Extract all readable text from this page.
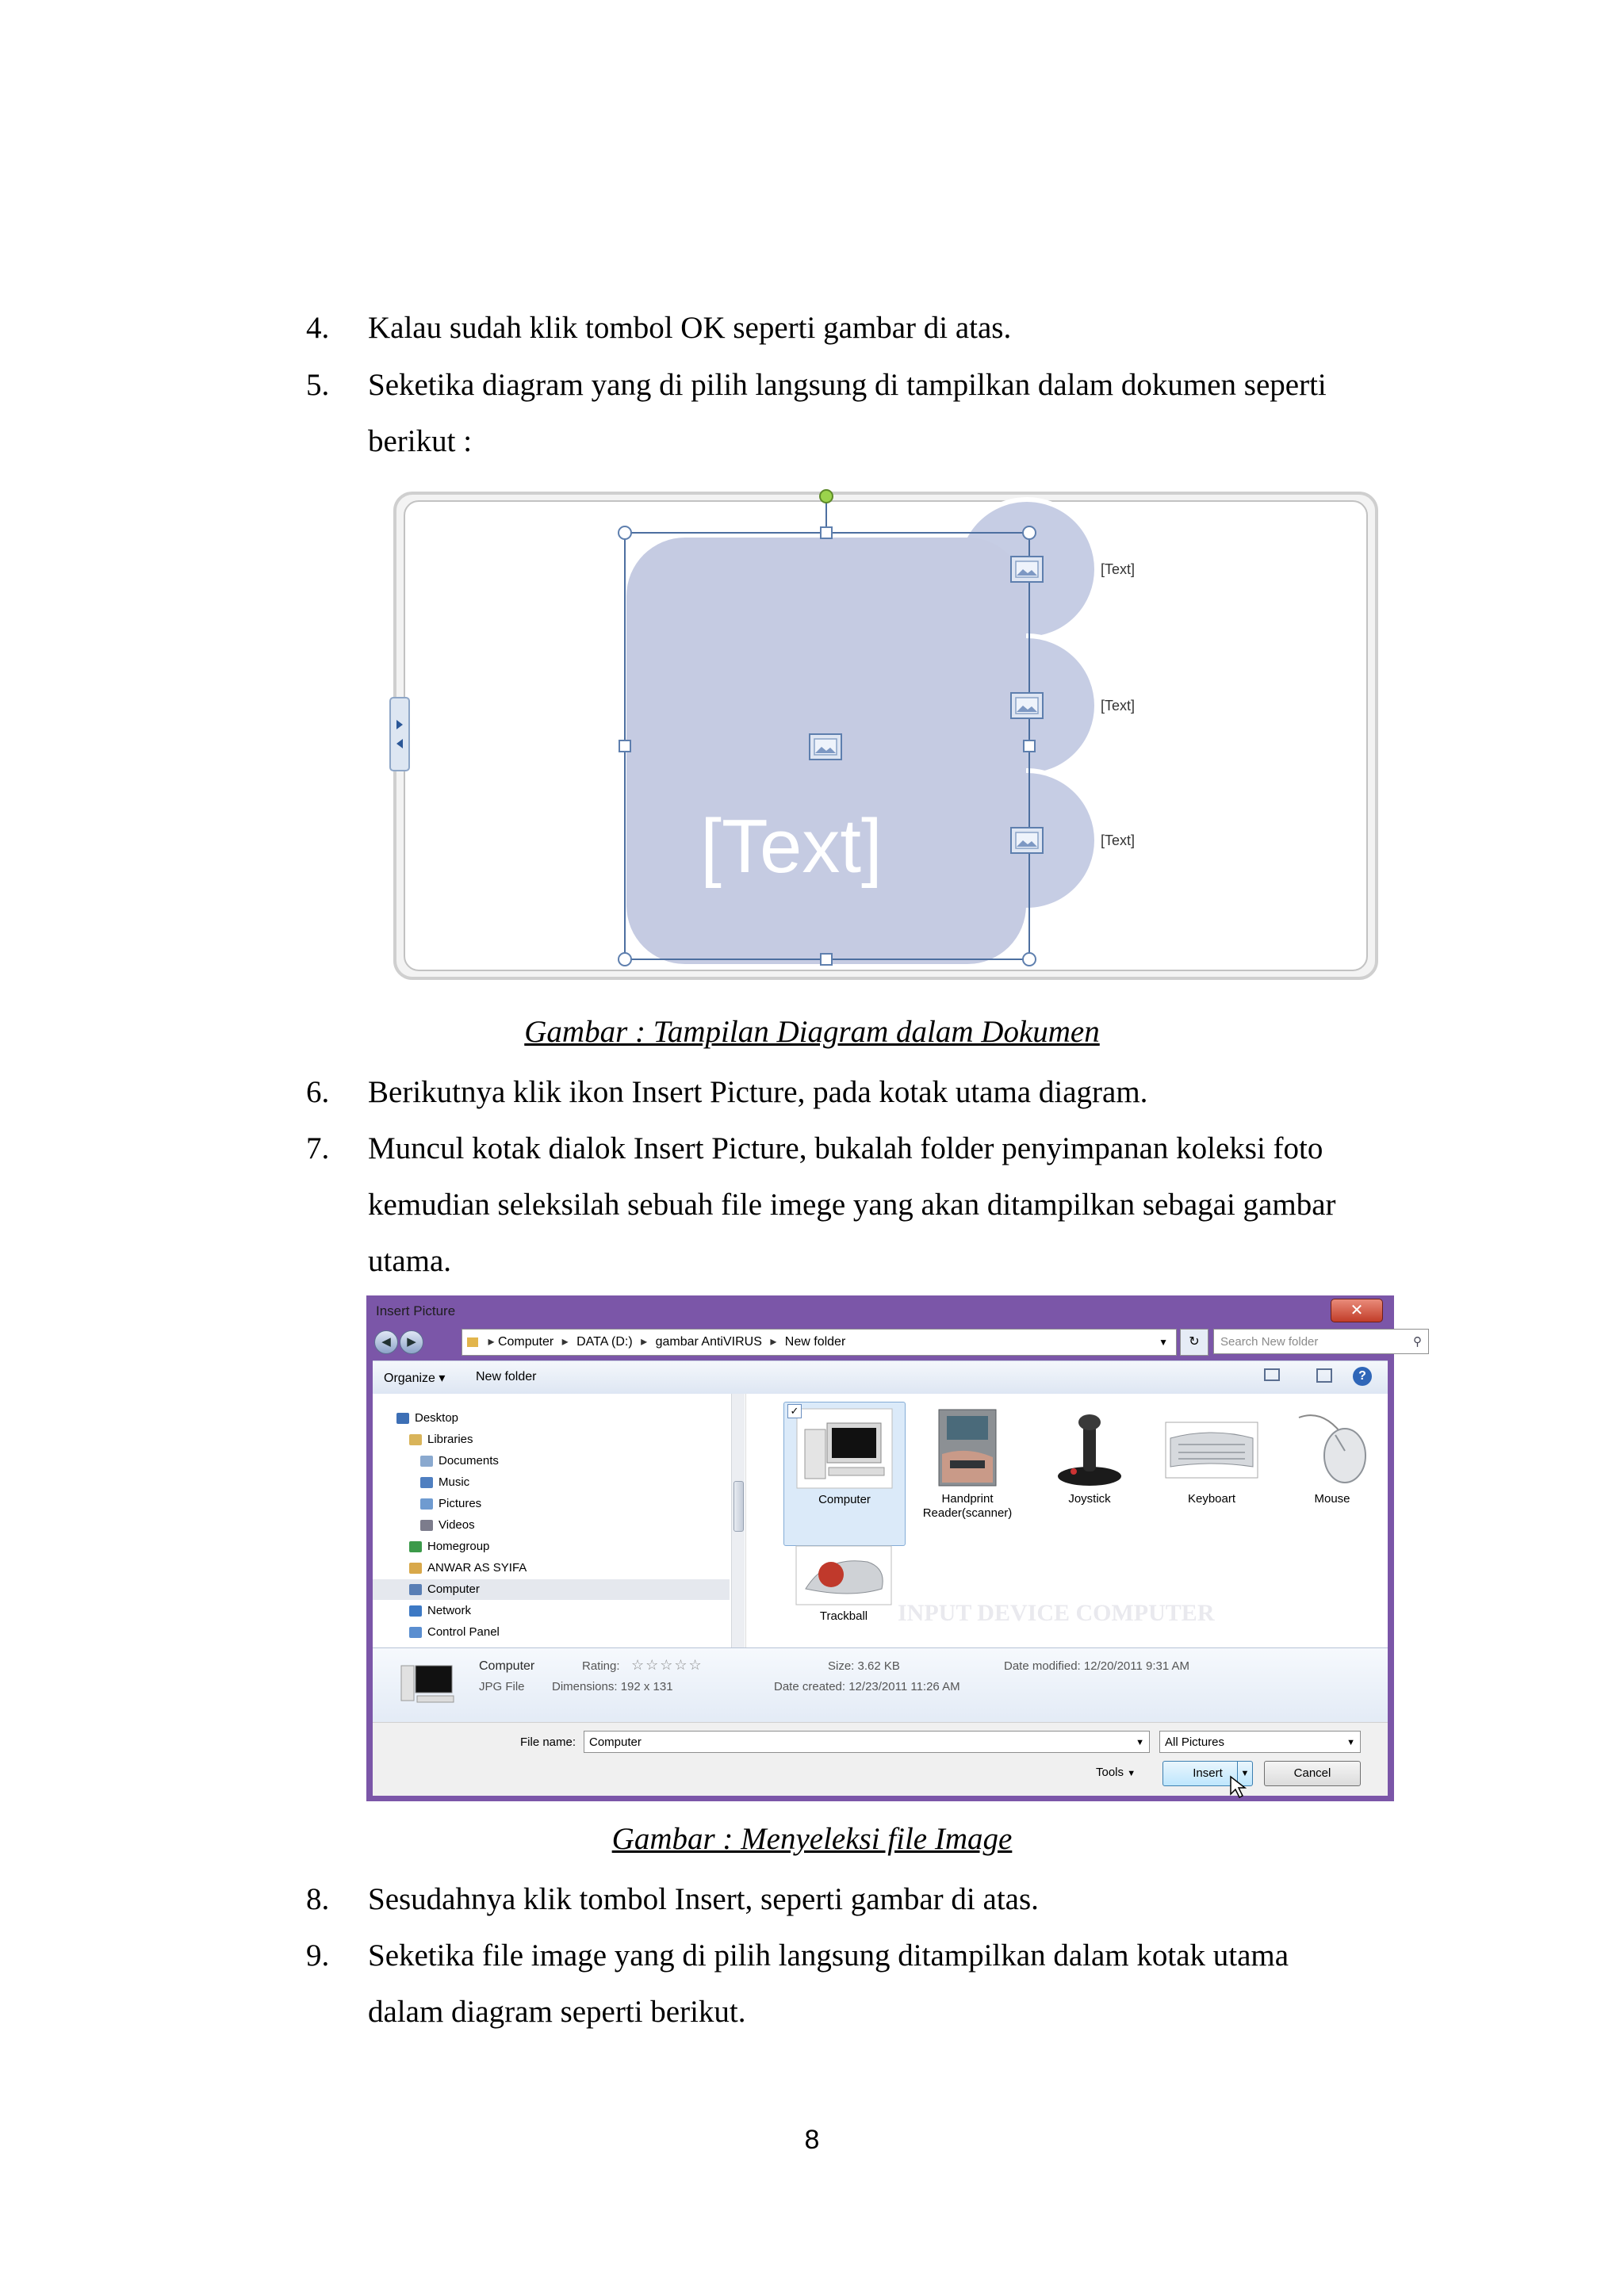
4.	Kalau sudah klik tombol OK seperti gambar di atas.
5.	Seketika diagram yang di pilih langsung di tampilkan dalam dokumen seperti
berikut :
[Text]
[Text]
[Text]
[Text]
Gambar : Tampilan Diagram dalam Dokumen
6.	Berikutnya klik ikon Insert Picture, pada kotak utama diagram.
7.	Muncul kotak dialok Insert Picture, bukalah folder penyimpanan koleksi foto
kemudian seleksilah sebuah file imege yang akan ditampilkan sebagai gambar
utama.
Insert Picture	✕
◀	▶	▸ Computer ▸ DATA (D:) ▸ gambar AntiVIRUS ▸ New folder	▼	↻	Search New folder	⚲
Organize ▾ New folder	?
Desktop
Libraries
Documents
Music
Pictures
Videos
Homegroup
ANWAR AS SYIFA
Computer
Network
Control Panel
INPUT DEVICE COMPUTER
✓
Computer	Handprint Reader(scanner)
Joystick	Keyboart	Mouse
Trackball
Computer
JPG File
Rating: ☆☆☆☆☆
Dimensions: 192 x 131
Size: 3.62 KB
Date created: 12/23/2011 11:26 AM
Date modified: 12/20/2011 9:31 AM
File name:	Computer	▼	All Pictures	▼
Tools ▼	Insert	▼	Cancel
Gambar : Menyeleksi file Image
8.	Sesudahnya klik tombol Insert, seperti gambar di atas.
9.	Seketika file image yang di pilih langsung ditampilkan dalam kotak utama
dalam diagram seperti berikut.
8
